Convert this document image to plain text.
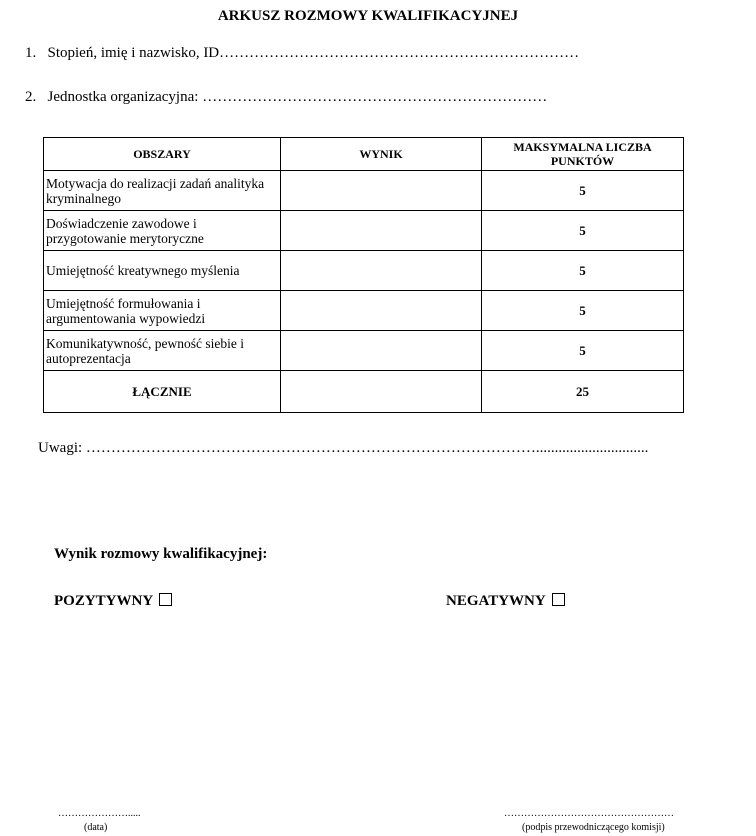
ARKUSZ ROZMOWY KWALIFIKACYJNEJ
1. Stopień, imię i nazwisko, ID………………………………………………………………
2. Jednostka organizacyjna: ……………………………………………………………
OBSZARY	WYNIK	MAKSYMALNA LICZBA PUNKTÓW
Motywacja do realizacji zadań analityka kryminalnego		5
Doświadczenie zawodowe i przygotowanie merytoryczne		5
Umiejętność kreatywnego myślenia		5
Umiejętność formułowania i argumentowania wypowiedzi		5
Komunikatywność, pewność siebie i autoprezentacja		5
ŁĄCZNIE		25
Uwagi: ………………………………………………………………………………..............................
Wynik rozmowy kwalifikacyjnej:
POZYTYWNY	NEGATYWNY
………………….....
(data)
……………………………………………
(podpis przewodniczącego komisji)
